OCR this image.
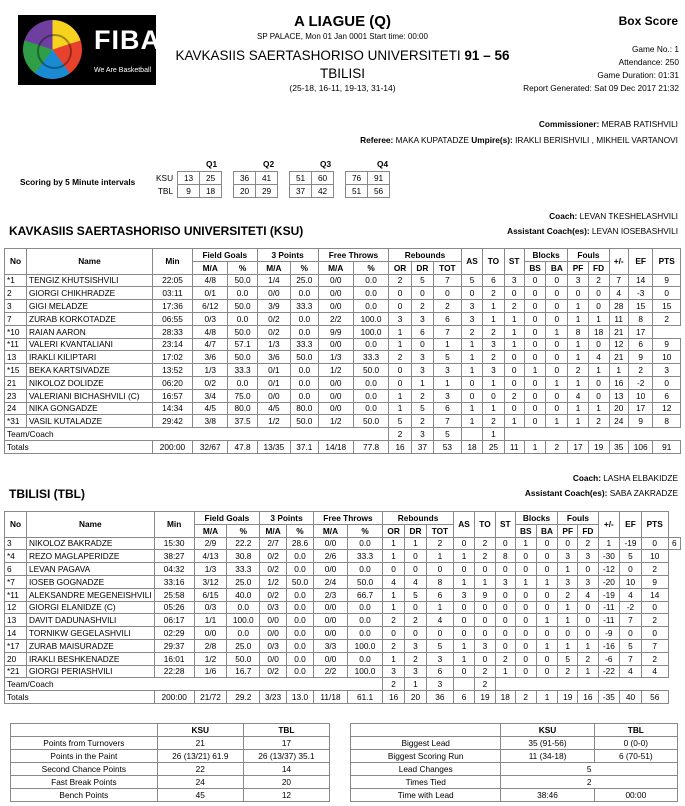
FIBA
We Are Basketball
A LIAGUE (Q)	Box Score
SP PALACE, Mon 01 Jan 0001 Start time: 00:00
KAVKASIIS SAERTASHORISO UNIVERSITETI 91 – 56
TBILISI
(25-18, 16-11, 19-13, 31-14)
Game No.: 1
Attendance: 250
Game Duration: 01:31
Report Generated: Sat 09 Dec 2017 21:32
Commissioner: MERAB RATISHVILI
Referee: MAKA KUPATADZE Umpire(s): IRAKLI BERISHVILI , MIKHEIL VARTANOVI
Scoring by 5 Minute intervals
Q1	Q2	Q3	Q4
KSU	13	25		36	41		51	60		76	91
TBL	9	18		20	29		37	42		51	56
Coach: LEVAN TKESHELASHVILI
Assistant Coach(es): LEVAN IOSEBASHVILI
KAVKASIIS SAERTASHORISO UNIVERSITETI (KSU)
No	Name	Min	Field Goals		3 Points		Free Throws		Rebounds			AS	TO	ST	Blocks		Fouls		+/-	EF	PTS
			M/A	%	M/A	%	M/A	%	OR	DR	TOT				BS	BA	PF	FD			
*1	TENGIZ KHUTSISHVILI	22:05	4/8	50.0	1/4	25.0	0/0	0.0	2	5	7	5	6	3	0	0	3	2	7	14	9
2	GIORGI CHIKHRADZE	03:11	0/1	0.0	0/0	0.0	0/0	0.0	0	0	0	0	2	0	0	0	0	0	4	-3	0
3	GIGI MELADZE	17:36	6/12	50.0	3/9	33.3	0/0	0.0	0	2	2	3	1	2	0	0	1	0	28	15	15
7	ZURAB KORKOTADZE	06:55	0/3	0.0	0/2	0.0	2/2	100.0	3	3	6	3	1	1	0	0	1	1	11	8	2
*10	RAIAN AARON	28:33	4/8	50.0	0/2	0.0	9/9	100.0	1	6	7	2	2	1	0	1	8	18	21	17	
*11	VALERI KVANTALIANI	23:14	4/7	57.1	1/3	33.3	0/0	0.0	1	0	1	1	3	1	0	0	1	0	12	6	9
13	IRAKLI KILIPTARI	17:02	3/6	50.0	3/6	50.0	1/3	33.3	2	3	5	1	2	0	0	0	1	4	21	9	10
*15	BEKA KARTSIVADZE	13:52	1/3	33.3	0/1	0.0	1/2	50.0	0	3	3	1	3	0	1	0	2	1	1	2	3
21	NIKOLOZ DOLIDZE	06:20	0/2	0.0	0/1	0.0	0/0	0.0	0	1	1	0	1	0	0	1	1	0	16	-2	0
23	VALERIANI BICHASHVILI (C)	16:57	3/4	75.0	0/0	0.0	0/0	0.0	1	2	3	0	0	2	0	0	4	0	13	10	6
24	NIKA GONGADZE	14:34	4/5	80.0	4/5	80.0	0/0	0.0	1	5	6	1	1	0	0	0	1	1	20	17	12
*31	VASIL KUTALADZE	29:42	3/8	37.5	1/2	50.0	1/2	50.0	5	2	7	1	2	1	0	1	1	2	24	9	8
Team/Coach									2	3	5		1								
Totals		200:00	32/67	47.8	13/35	37.1	14/18	77.8	16	37	53	18	25	11	1	2	17	19	35	106	91
Coach: LASHA ELBAKIDZE
Assistant Coach(es): SABA ZAKRADZE
TBILISI (TBL)
No	Name	Min	Field Goals		3 Points		Free Throws		Rebounds			AS	TO	ST	Blocks		Fouls		+/-	EF	PTS	
			M/A	%	M/A	%	M/A	%	OR	DR	TOT				BS	BA	PF	FD				
3	NIKOLOZ BAKRADZE	15:30	2/9	22.2	2/7	28.6	0/0	0.0	1	1	2	0	2	0	1	0	0	2	1	-19	0	6
*4	REZO MAGLAPERIDZE	38:27	4/13	30.8	0/2	0.0	2/6	33.3	1	0	1	1	2	8	0	0	3	3	-30	5	10	
6	LEVAN PAGAVA	04:32	1/3	33.3	0/2	0.0	0/0	0.0	0	0	0	0	0	0	0	0	1	0	-12	0	2	
*7	IOSEB GOGNADZE	33:16	3/12	25.0	1/2	50.0	2/4	50.0	4	4	8	1	1	3	1	1	3	3	-20	10	9	
*11	ALEKSANDRE MEGENEISHVILI	25:58	6/15	40.0	0/2	0.0	2/3	66.7	1	5	6	3	9	0	0	0	2	4	-19	4	14	
12	GIORGI ELANIDZE (C)	05:26	0/3	0.0	0/3	0.0	0/0	0.0	1	0	1	0	0	0	0	0	1	0	-11	-2	0	
13	DAVIT DADUNASHVILI	06:17	1/1	100.0	0/0	0.0	0/0	0.0	2	2	4	0	0	0	0	1	1	0	-11	7	2	
14	TORNIKW GEGELASHVILI	02:29	0/0	0.0	0/0	0.0	0/0	0.0	0	0	0	0	0	0	0	0	0	0	-9	0	0	
*17	ZURAB MAISURADZE	29:37	2/8	25.0	0/3	0.0	3/3	100.0	2	3	5	1	3	0	0	1	1	1	-16	5	7	
20	IRAKLI BESHKENADZE	16:01	1/2	50.0	0/0	0.0	0/0	0.0	1	2	3	1	0	2	0	0	5	2	-6	7	2	
*21	GIORGI PERIASHVILI	22:28	1/6	16.7	0/2	0.0	2/2	100.0	3	3	6	0	2	1	0	0	2	1	-22	4	4	
Team/Coach									2	1	3		2									
Totals		200:00	21/72	29.2	3/23	13.0	11/18	61.1	16	20	36	6	19	18	2	1	19	16	-35	40	56	
	KSU	TBL
Points from Turnovers	21	17
Points in the Paint	26 (13/21) 61.9	26 (13/37) 35.1
Second Chance Points	22	14
Fast Break Points	24	20
Bench Points	45	12
	KSU	TBL
Biggest Lead	35 (91-56)	0 (0-0)
Biggest Scoring Run	11 (34-18)	6 (70-51)
Lead Changes	5	
Times Tied	2	
Time with Lead	38:46	00:00
